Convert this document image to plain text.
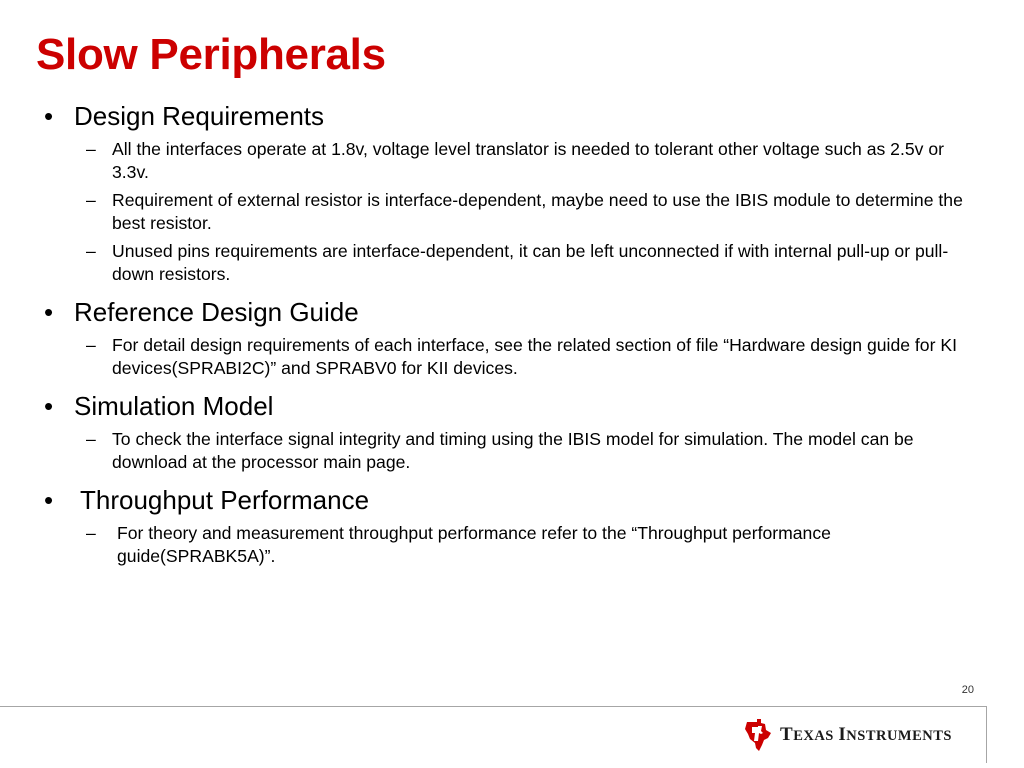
Slow Peripherals
• Design Requirements
– All the interfaces operate at 1.8v, voltage level translator is needed to tolerant other voltage such as 2.5v or 3.3v.
– Requirement of external resistor is interface-dependent, maybe need to use the IBIS module to determine the best resistor.
– Unused pins requirements are interface-dependent, it can be left unconnected if with internal pull-up or pull-down resistors.
• Reference Design Guide
– For detail design requirements of each interface, see the related section of file “Hardware design guide for KI devices(SPRABI2C)” and SPRABV0 for KII devices.
• Simulation Model
– To check the interface signal integrity and timing using the IBIS model for simulation. The model can be download at the processor main page.
• Throughput Performance
– For theory and measurement throughput performance refer to the “Throughput performance guide(SPRABK5A)”.
20
TEXAS INSTRUMENTS
